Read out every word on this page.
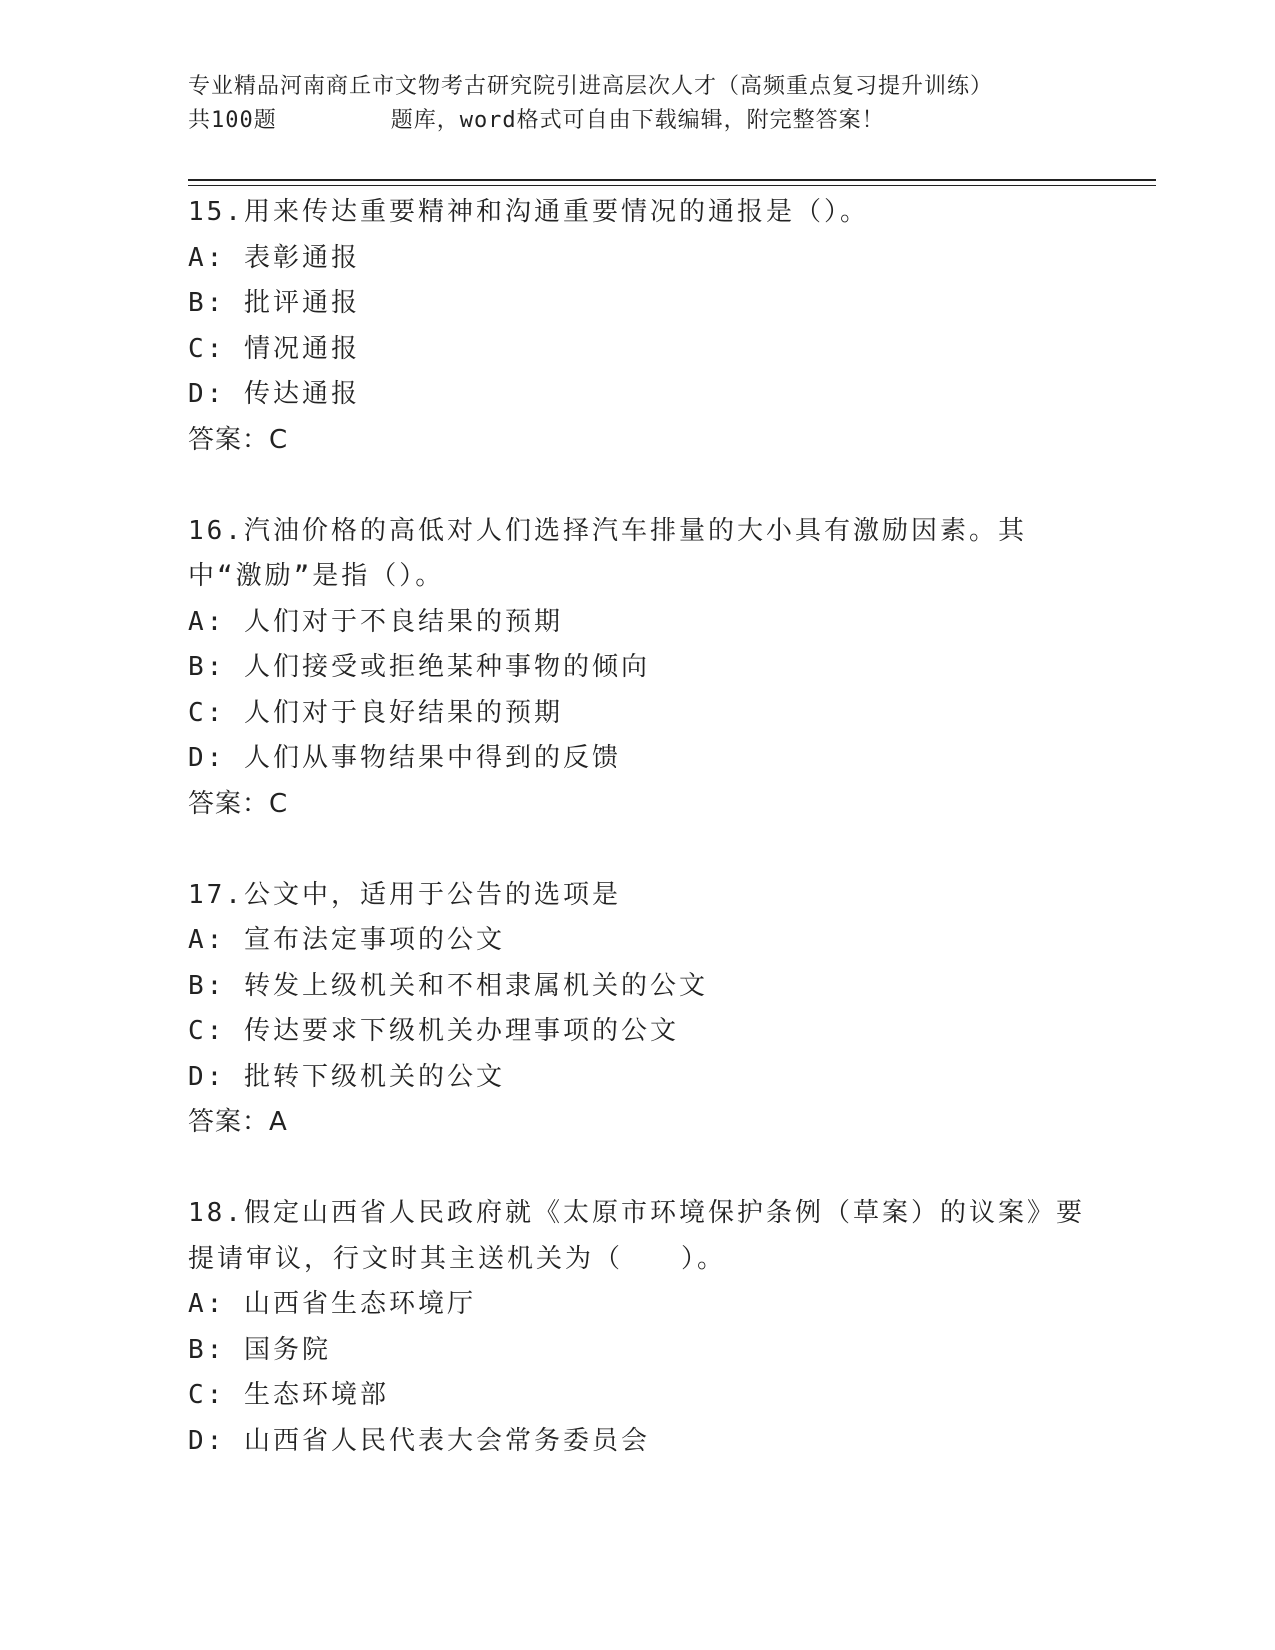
专业精品河南商丘市文物考古研究院引进高层次人才（高频重点复习提升训练）
共100题        题库，word格式可自由下载编辑，附完整答案！
15.用来传达重要精神和沟通重要情况的通报是（）。
A: 表彰通报
B: 批评通报
C: 情况通报
D: 传达通报
答案：C
16.汽油价格的高低对人们选择汽车排量的大小具有激励因素。其中“激励”是指（）。
A: 人们对于不良结果的预期
B: 人们接受或拒绝某种事物的倾向
C: 人们对于良好结果的预期
D: 人们从事物结果中得到的反馈
答案：C
17.公文中，适用于公告的选项是
A: 宣布法定事项的公文
B: 转发上级机关和不相隶属机关的公文
C: 传达要求下级机关办理事项的公文
D: 批转下级机关的公文
答案：A
18.假定山西省人民政府就《太原市环境保护条例（草案）的议案》要提请审议，行文时其主送机关为（　　）。
A: 山西省生态环境厅
B: 国务院
C: 生态环境部
D: 山西省人民代表大会常务委员会
